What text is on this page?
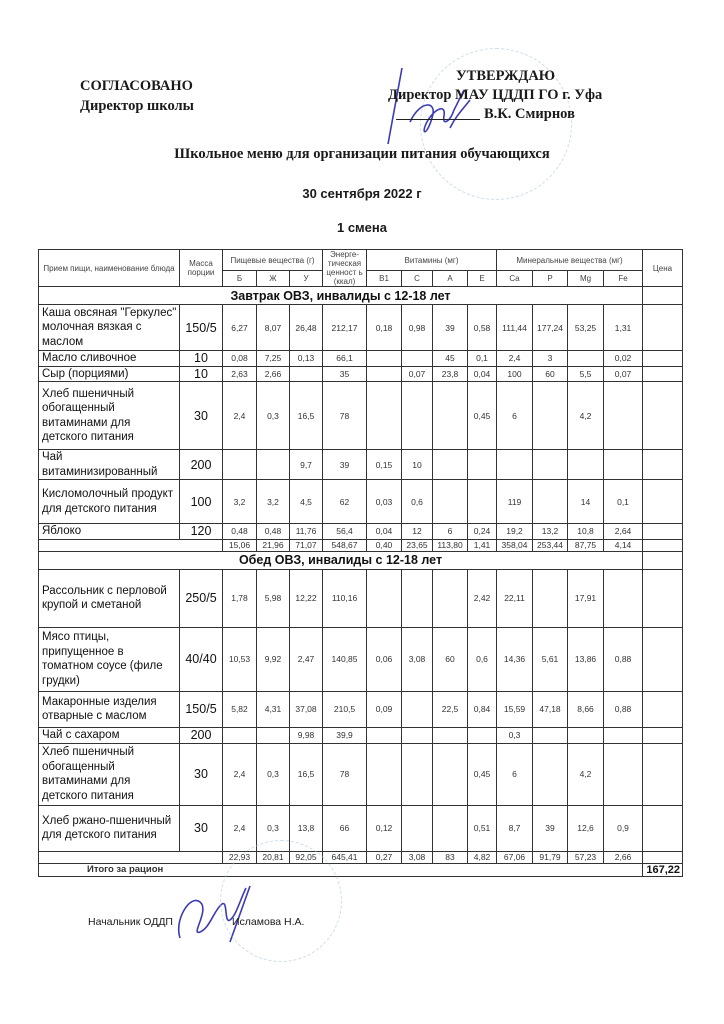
СОГЛАСОВАНО
Директор школы
УТВЕРЖДАЮ
Директор МАУ ЦДДП ГО г. Уфа
В.К. Смирнов
Школьное меню для организации питания обучающихся
30 сентября 2022 г
1 смена
Прием пищи, наименование блюда	Масса порции	Пищевые вещества (г)			Энерге-тическая ценност ь (ккал)	Витамины (мг)				Минеральные вещества (мг)				Цена
		Б	Ж	У		B1	C	A	E	Ca	P	Mg	Fe	
Завтрак ОВЗ, инвалиды с 12-18 лет														
Каша овсяная "Геркулес" молочная вязкая с маслом	150/5	6,27	8,07	26,48	212,17	0,18	0,98	39	0,58	111,44	177,24	53,25	1,31	
Масло сливочное	10	0,08	7,25	0,13	66,1			45	0,1	2,4	3		0,02	
Сыр (порциями)	10	2,63	2,66		35		0,07	23,8	0,04	100	60	5,5	0,07	
Хлеб пшеничный обогащенный витаминами для детского питания	30	2,4	0,3	16,5	78				0,45	6		4,2		
Чай витаминизированный	200			9,7	39	0,15	10							
Кисломолочный продукт для детского питания	100	3,2	3,2	4,5	62	0,03	0,6			119		14	0,1	
Яблоко	120	0,48	0,48	11,76	56,4	0,04	12	6	0,24	19,2	13,2	10,8	2,64	
		15,06	21,96	71,07	548,67	0,40	23,65	113,80	1,41	358,04	253,44	87,75	4,14	
Обед ОВЗ, инвалиды с 12-18 лет														
Рассольник с перловой крупой и сметаной	250/5	1,78	5,98	12,22	110,16				2,42	22,11		17,91		
Мясо птицы, припущенное в томатном соусе (филе грудки)	40/40	10,53	9,92	2,47	140,85	0,06	3,08	60	0,6	14,36	5,61	13,86	0,88	
Макаронные изделия отварные с маслом	150/5	5,82	4,31	37,08	210,5	0,09		22,5	0,84	15,59	47,18	8,66	0,88	
Чай с сахаром	200			9,98	39,9					0,3				
Хлеб пшеничный обогащенный витаминами для детского питания	30	2,4	0,3	16,5	78				0,45	6		4,2		
Хлеб ржано-пшеничный для детского питания	30	2,4	0,3	13,8	66	0,12			0,51	8,7	39	12,6	0,9	
		22,93	20,81	92,05	645,41	0,27	3,08	83	4,82	67,06	91,79	57,23	2,66	
Итого за рацион														167,22
Начальник ОДДП	Исламова Н.А.
